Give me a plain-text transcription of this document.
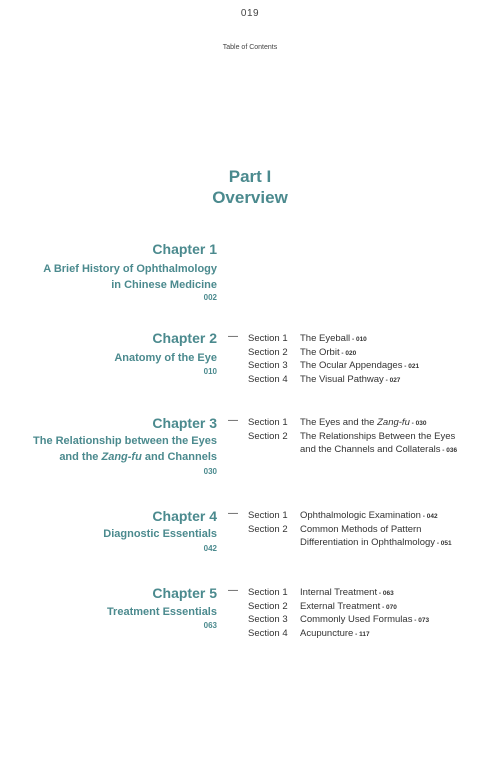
019
Table of Contents
Part I
Overview
Chapter 1
A Brief History of Ophthalmology
in Chinese Medicine
002
Chapter 2
Anatomy of the Eye
010
— Section 1 The Eyeball - 010
Section 2 The Orbit - 020
Section 3 The Ocular Appendages - 021
Section 4 The Visual Pathway - 027
Chapter 3
The Relationship between the Eyes
and the Zang-fu and Channels
030
— Section 1 The Eyes and the Zang-fu - 030
Section 2 The Relationships Between the Eyes
and the Channels and Collaterals - 036
Chapter 4
Diagnostic Essentials
042
— Section 1 Ophthalmologic Examination - 042
Section 2 Common Methods of Pattern
Differentiation in Ophthalmology - 051
Chapter 5
Treatment Essentials
063
— Section 1 Internal Treatment - 063
Section 2 External Treatment - 070
Section 3 Commonly Used Formulas - 073
Section 4 Acupuncture - 117
